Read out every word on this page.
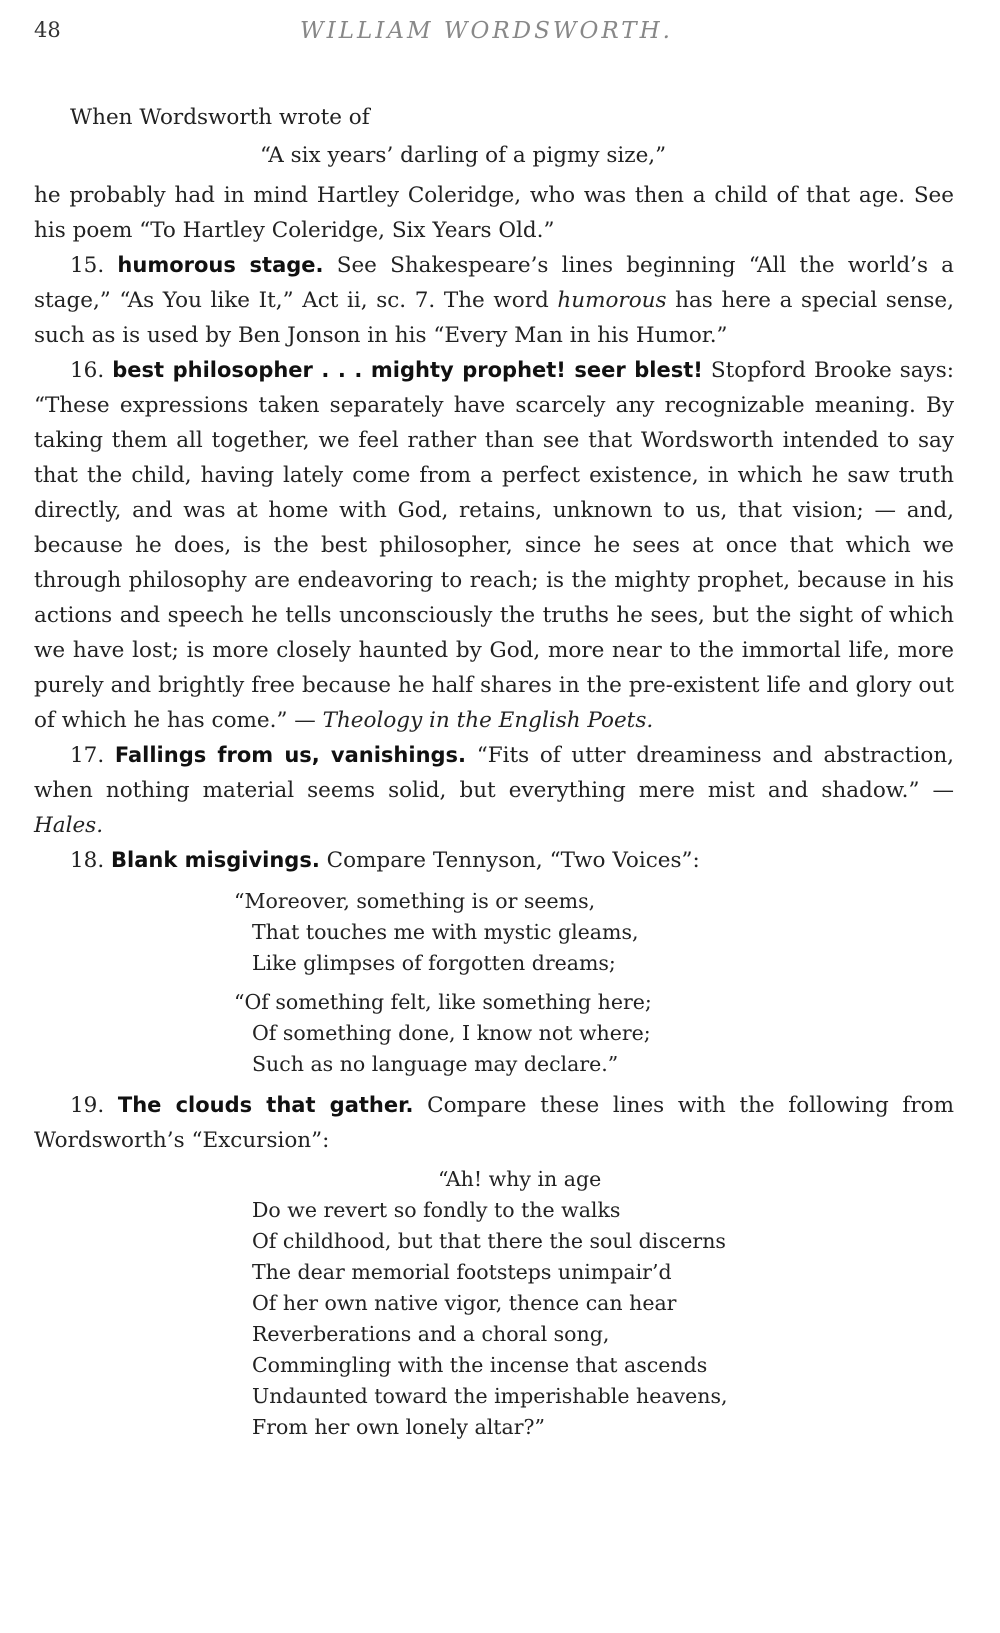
48	WILLIAM WORDSWORTH.

When Wordsworth wrote of

“A six years’ darling of a pigmy size,”

he probably had in mind Hartley Coleridge, who was then a child of that age. See his poem “To Hartley Coleridge, Six Years Old.”

15. humorous stage. See Shakespeare’s lines beginning “All the world’s a stage,” “As You like It,” Act ii, sc. 7. The word humorous has here a special sense, such as is used by Ben Jonson in his “Every Man in his Humor.”

16. best philosopher . . . mighty prophet! seer blest! Stopford Brooke says: “These expressions taken separately have scarcely any recognizable meaning. By taking them all together, we feel rather than see that Wordsworth intended to say that the child, having lately come from a perfect existence, in which he saw truth directly, and was at home with God, retains, unknown to us, that vision; — and, because he does, is the best philosopher, since he sees at once that which we through philosophy are endeavoring to reach; is the mighty prophet, because in his actions and speech he tells unconsciously the truths he sees, but the sight of which we have lost; is more closely haunted by God, more near to the immortal life, more purely and brightly free because he half shares in the pre-existent life and glory out of which he has come.” — Theology in the English Poets.

17. Fallings from us, vanishings. “Fits of utter dreaminess and abstraction, when nothing material seems solid, but everything mere mist and shadow.” — Hales.

18. Blank misgivings. Compare Tennyson, “Two Voices”:

“Moreover, something is or seems,
That touches me with mystic gleams,
Like glimpses of forgotten dreams;
“Of something felt, like something here;
Of something done, I know not where;
Such as no language may declare.”

19. The clouds that gather. Compare these lines with the following from Wordsworth’s “Excursion”:

“Ah! why in age
Do we revert so fondly to the walks
Of childhood, but that there the soul discerns
The dear memorial footsteps unimpair’d
Of her own native vigor, thence can hear
Reverberations and a choral song,
Commingling with the incense that ascends
Undaunted toward the imperishable heavens,
From her own lonely altar?”
